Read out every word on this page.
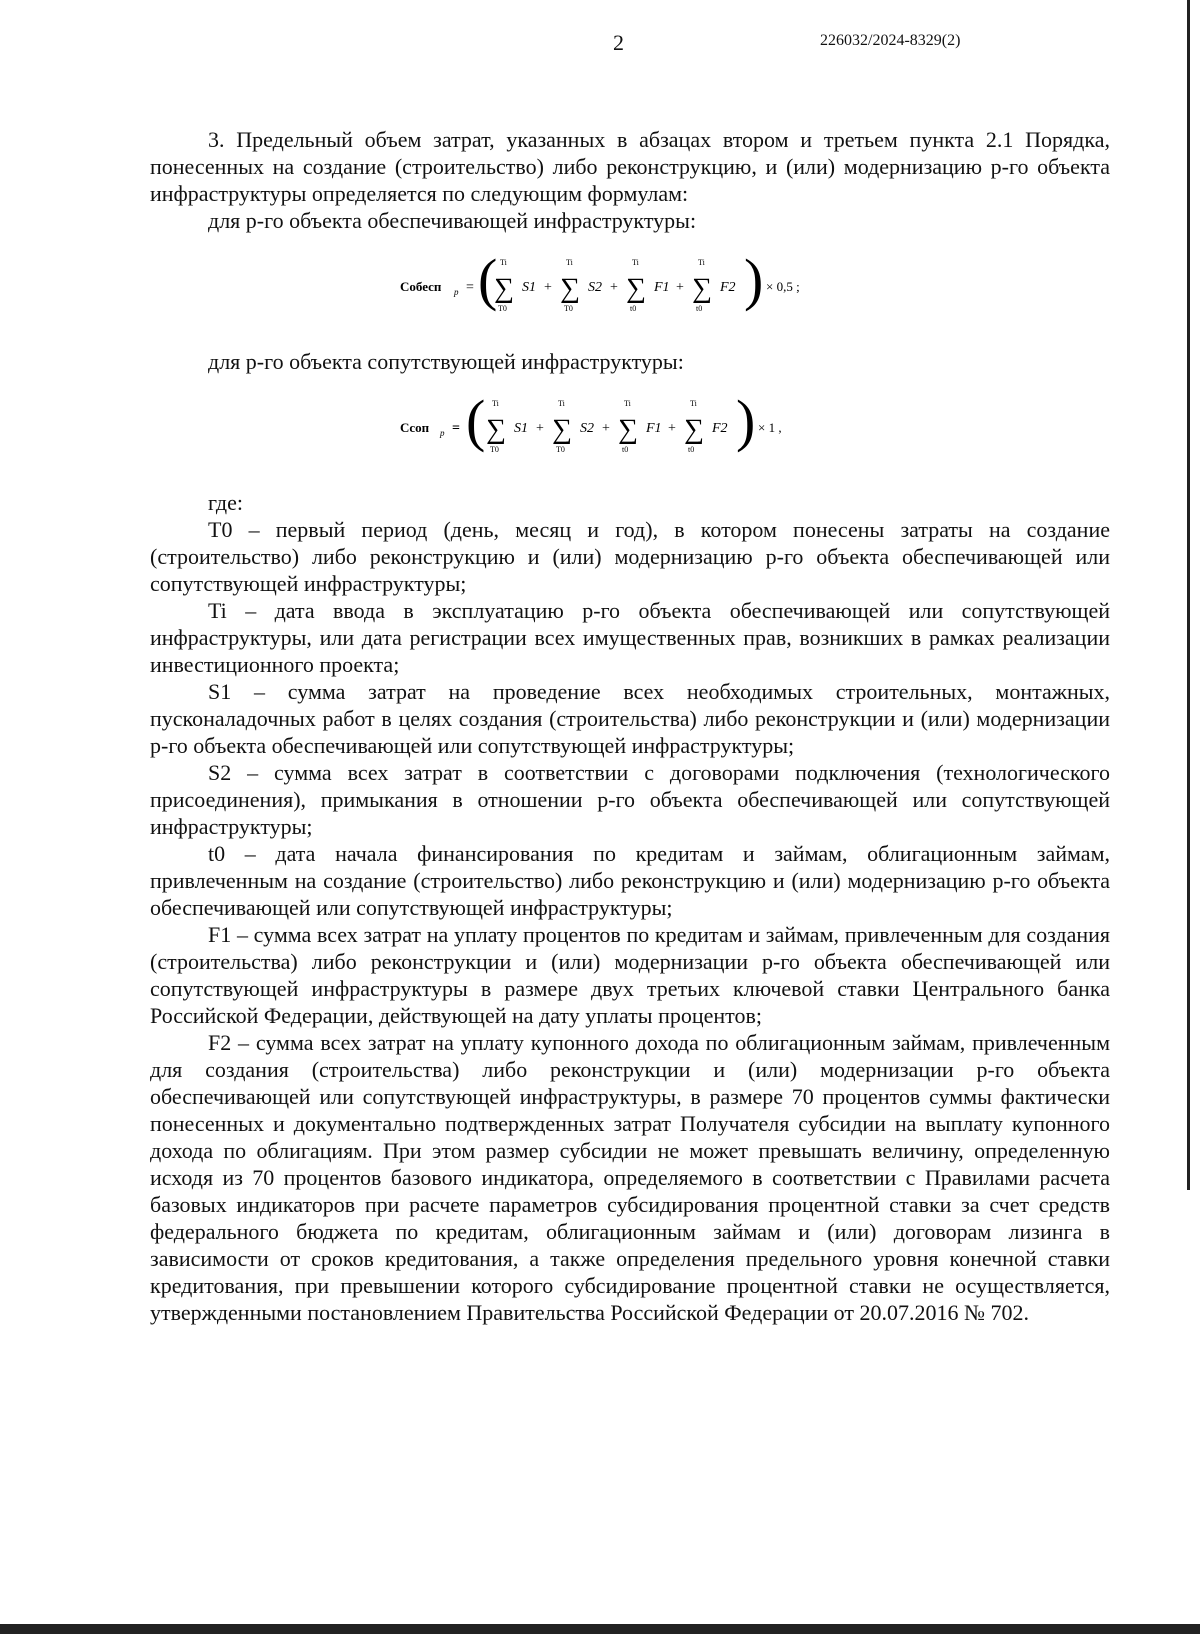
2	226032/2024-8329(2)

3. Предельный объем затрат, указанных в абзацах втором и третьем пункта 2.1 Порядка, понесенных на создание (строительство) либо реконструкцию, и (или) модернизацию p-го объекта инфраструктуры определяется по следующим формулам:

для p-го объекта обеспечивающей инфраструктуры:

Cобесп p = ( Ti
∑
T0
S1 +
Ti
∑
T0
S2 +
Ti
∑
t0
F1 +
Ti
∑
t0
F2 ) × 0,5 ;

для p-го объекта сопутствующей инфраструктуры:

Cсоп p = ( Ti
∑
T0
S1 +
Ti
∑
T0
S2 +
Ti
∑
t0
F1 +
Ti
∑
t0
F2 ) × 1 ,

где:

T0 – первый период (день, месяц и год), в котором понесены затраты на создание (строительство) либо реконструкцию и (или) модернизацию p-го объекта обеспечивающей или сопутствующей инфраструктуры;

Ti – дата ввода в эксплуатацию p-го объекта обеспечивающей или сопутствующей инфраструктуры, или дата регистрации всех имущественных прав, возникших в рамках реализации инвестиционного проекта;

S1 – сумма затрат на проведение всех необходимых строительных, монтажных, пусконаладочных работ в целях создания (строительства) либо реконструкции и (или) модернизации p-го объекта обеспечивающей или сопутствующей инфраструктуры;

S2 – сумма всех затрат в соответствии с договорами подключения (технологического присоединения), примыкания в отношении p-го объекта обеспечивающей или сопутствующей инфраструктуры;

t0 – дата начала финансирования по кредитам и займам, облигационным займам, привлеченным на создание (строительство) либо реконструкцию и (или) модернизацию p-го объекта обеспечивающей или сопутствующей инфраструктуры;

F1 – сумма всех затрат на уплату процентов по кредитам и займам, привлеченным для создания (строительства) либо реконструкции и (или) модернизации p-го объекта обеспечивающей или сопутствующей инфраструктуры в размере двух третьих ключевой ставки Центрального банка Российской Федерации, действующей на дату уплаты процентов;

F2 – сумма всех затрат на уплату купонного дохода по облигационным займам, привлеченным для создания (строительства) либо реконструкции и (или) модернизации p-го объекта обеспечивающей или сопутствующей инфраструктуры, в размере 70 процентов суммы фактически понесенных и документально подтвержденных затрат Получателя субсидии на выплату купонного дохода по облигациям. При этом размер субсидии не может превышать величину, определенную исходя из 70 процентов базового индикатора, определяемого в соответствии с Правилами расчета базовых индикаторов при расчете параметров субсидирования процентной ставки за счет средств федерального бюджета по кредитам, облигационным займам и (или) договорам лизинга в зависимости от сроков кредитования, а также определения предельного уровня конечной ставки кредитования, при превышении которого субсидирование процентной ставки не осуществляется, утвержденными постановлением Правительства Российской Федерации от 20.07.2016 № 702.
